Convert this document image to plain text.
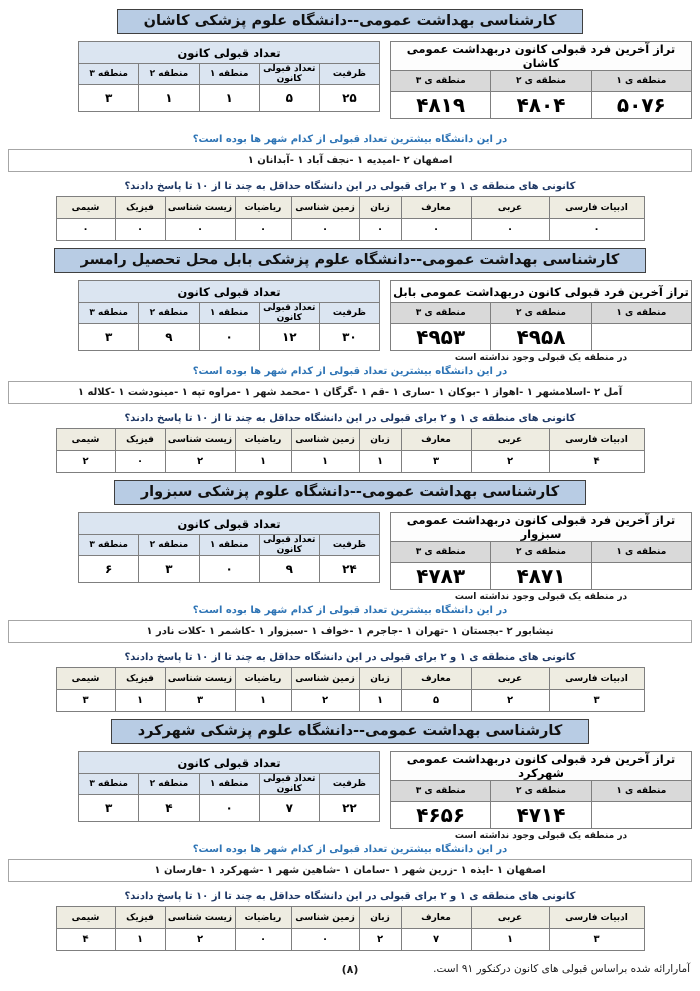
کارشناسی بهداشت عمومی--دانشگاه علوم پزشکی کاشان
تراز آخرین فرد قبولی کانون دربهداشت عمومی کاشان		
منطقه ی ۱	منطقه ی ۲	منطقه ی ۳
۵۰۷۶	۴۸۰۴	۴۸۱۹
تعداد قبولی کانون				
ظرفیت	تعداد قبولی کانون	منطقه ۱	منطقه ۲	منطقه ۳
۲۵	۵	۱	۱	۳
در این دانشگاه بیشترین تعداد قبولی از کدام شهر ها بوده است؟
اصفهان ۲ -امیدیه ۱ -نجف آباد ۱ -آبدانان ۱
کانونی های منطقه ی ۱ و ۲ برای قبولی در این دانشگاه حداقل به چند تا از ۱۰ تا پاسخ دادند؟
ادبیات فارسی	عربی	معارف	زبان	زمین شناسی	ریاضیات	زیست شناسی	فیزیک	شیمی
۰	۰	۰	۰	۰	۰	۰	۰	۰
کارشناسی بهداشت عمومی--دانشگاه علوم پزشکی بابل محل تحصیل رامسر
تراز آخرین فرد قبولی کانون دربهداشت عمومی بابل		
منطقه ی ۱	منطقه ی ۲	منطقه ی ۳
	۴۹۵۸	۴۹۵۳
در منطقه یک قبولی وجود نداشته است
تعداد قبولی کانون				
ظرفیت	تعداد قبولی کانون	منطقه ۱	منطقه ۲	منطقه ۳
۳۰	۱۲	۰	۹	۳
در این دانشگاه بیشترین تعداد قبولی از کدام شهر ها بوده است؟
آمل ۲ -اسلامشهر ۱ -اهواز ۱ -بوکان ۱ -ساری ۱ -قم ۱ -گرگان ۱ -محمد شهر ۱ -مراوه تپه ۱ -مینودشت ۱ -کلاله ۱
کانونی های منطقه ی ۱ و ۲ برای قبولی در این دانشگاه حداقل به چند تا از ۱۰ تا پاسخ دادند؟
ادبیات فارسی	عربی	معارف	زبان	زمین شناسی	ریاضیات	زیست شناسی	فیزیک	شیمی
۴	۲	۳	۱	۱	۱	۲	۰	۲
کارشناسی بهداشت عمومی--دانشگاه علوم پزشکی سبزوار
تراز آخرین فرد قبولی کانون دربهداشت عمومی سبزوار		
منطقه ی ۱	منطقه ی ۲	منطقه ی ۳
	۴۸۷۱	۴۷۸۳
در منطقه یک قبولی وجود نداشته است
تعداد قبولی کانون				
ظرفیت	تعداد قبولی کانون	منطقه ۱	منطقه ۲	منطقه ۳
۲۴	۹	۰	۳	۶
در این دانشگاه بیشترین تعداد قبولی از کدام شهر ها بوده است؟
نیشابور ۲ -بجستان ۱ -تهران ۱ -جاجرم ۱ -خواف ۱ -سبزوار ۱ -کاشمر ۱ -کلات نادر ۱
کانونی های منطقه ی ۱ و ۲ برای قبولی در این دانشگاه حداقل به چند تا از ۱۰ تا پاسخ دادند؟
ادبیات فارسی	عربی	معارف	زبان	زمین شناسی	ریاضیات	زیست شناسی	فیزیک	شیمی
۳	۲	۵	۱	۲	۱	۳	۱	۳
کارشناسی بهداشت عمومی--دانشگاه علوم پزشکی شهرکرد
تراز آخرین فرد قبولی کانون دربهداشت عمومی شهرکرد		
منطقه ی ۱	منطقه ی ۲	منطقه ی ۳
	۴۷۱۴	۴۶۵۶
در منطقه یک قبولی وجود نداشته است
تعداد قبولی کانون				
ظرفیت	تعداد قبولی کانون	منطقه ۱	منطقه ۲	منطقه ۳
۲۲	۷	۰	۴	۳
در این دانشگاه بیشترین تعداد قبولی از کدام شهر ها بوده است؟
اصفهان ۱ -ایذه ۱ -زرین شهر ۱ -سامان ۱ -شاهین شهر ۱ -شهرکرد ۱ -فارسان ۱
کانونی های منطقه ی ۱ و ۲ برای قبولی در این دانشگاه حداقل به چند تا از ۱۰ تا پاسخ دادند؟
ادبیات فارسی	عربی	معارف	زبان	زمین شناسی	ریاضیات	زیست شناسی	فیزیک	شیمی
۳	۱	۷	۲	۰	۰	۲	۱	۴
(۸)	آمارارائه شده براساس قبولی های کانون درکنکور ۹۱ است.
